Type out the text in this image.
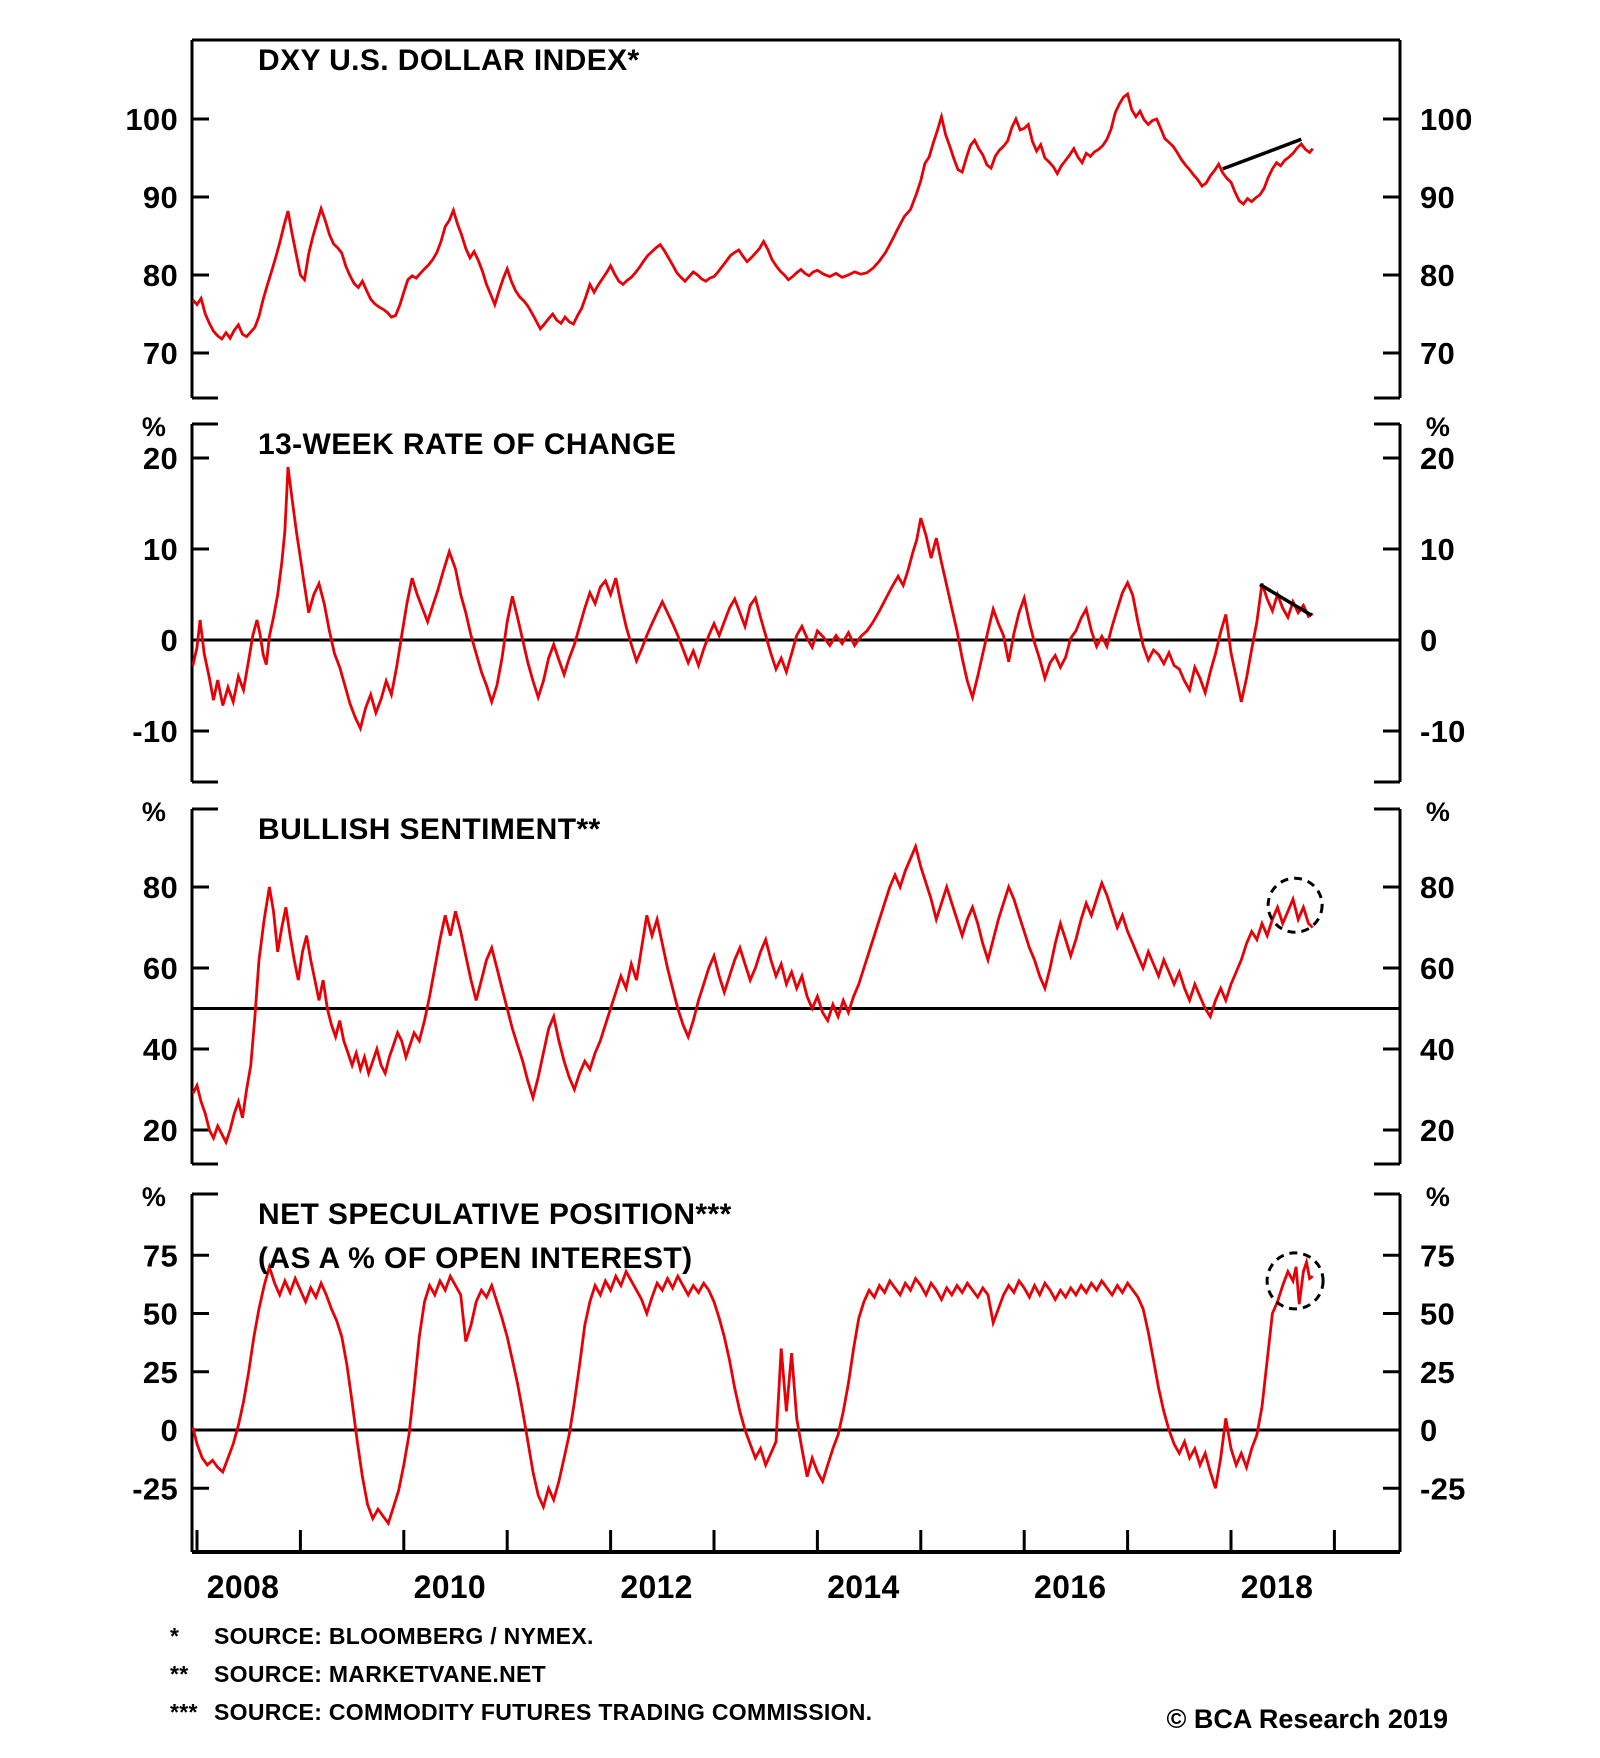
100	100
90	90
80	80
70	70
20	20
10	10
0	0
-10	-10
%	%
80	80
60	60
40	40
20	20
%	%
75	75
50	50
25	25
0	0
-25	-25
%	%
2008	2010	2012	2014	2016	2018
DXY U.S. DOLLAR INDEX*
13-WEEK RATE OF CHANGE
BULLISH SENTIMENT**
NET SPECULATIVE POSITION***
(AS A % OF OPEN INTEREST)
*	SOURCE: BLOOMBERG / NYMEX.
**	SOURCE: MARKETVANE.NET
*** SOURCE: COMMODITY FUTURES TRADING COMMISSION.	© BCA Research 2019
